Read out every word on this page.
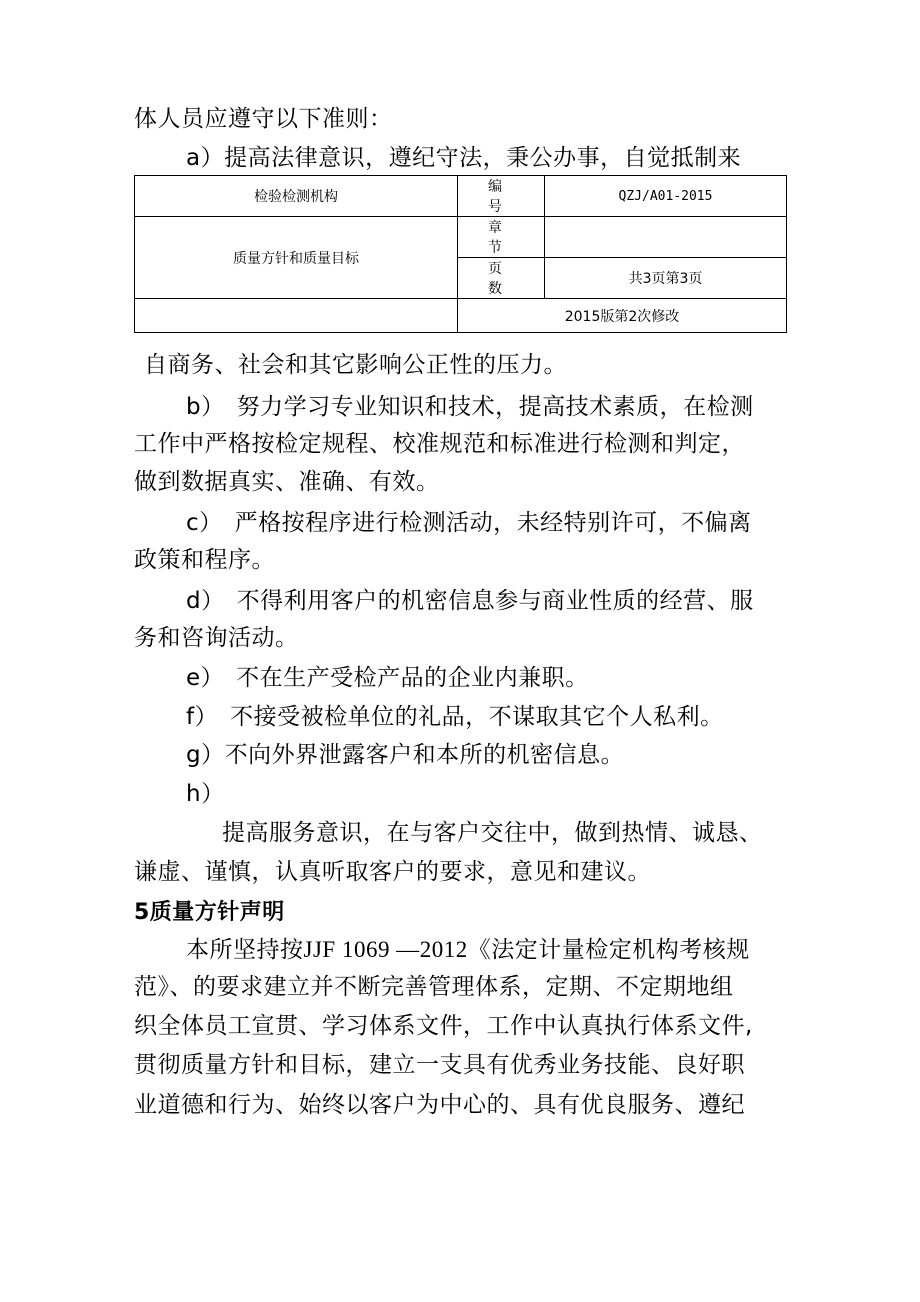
体人员应遵守以下准则：
a）提高法律意识，遵纪守法，秉公办事，自觉抵制来
检验检测机构	编号	QZJ/A01-2015
质量方针和质量目标	章节	
	页数	共3页第3页
	2015版第2次修改	
自商务、社会和其它影响公正性的压力。
b）　努力学习专业知识和技术，提高技术素质，在检测
工作中严格按检定规程、校准规范和标准进行检测和判定，
做到数据真实、准确、有效。
c）　严格按程序进行检测活动，未经特别许可，不偏离
政策和程序。
d）　不得利用客户的机密信息参与商业性质的经营、服
务和咨询活动。
e）　不在生产受检产品的企业内兼职。
f）　不接受被检单位的礼品，不谋取其它个人私利。
g）不向外界泄露客户和本所的机密信息。
h）
提高服务意识，在与客户交往中，做到热情、诚恳、
谦虚、谨慎，认真听取客户的要求，意见和建议。
5质量方针声明
本所坚持按JJF 1069 —2012《法定计量检定机构考核规
范》、的要求建立并不断完善管理体系，定期、不定期地组
织全体员工宣贯、学习体系文件，工作中认真执行体系文件,
贯彻质量方针和目标，建立一支具有优秀业务技能、良好职
业道德和行为、始终以客户为中心的、具有优良服务、遵纪
